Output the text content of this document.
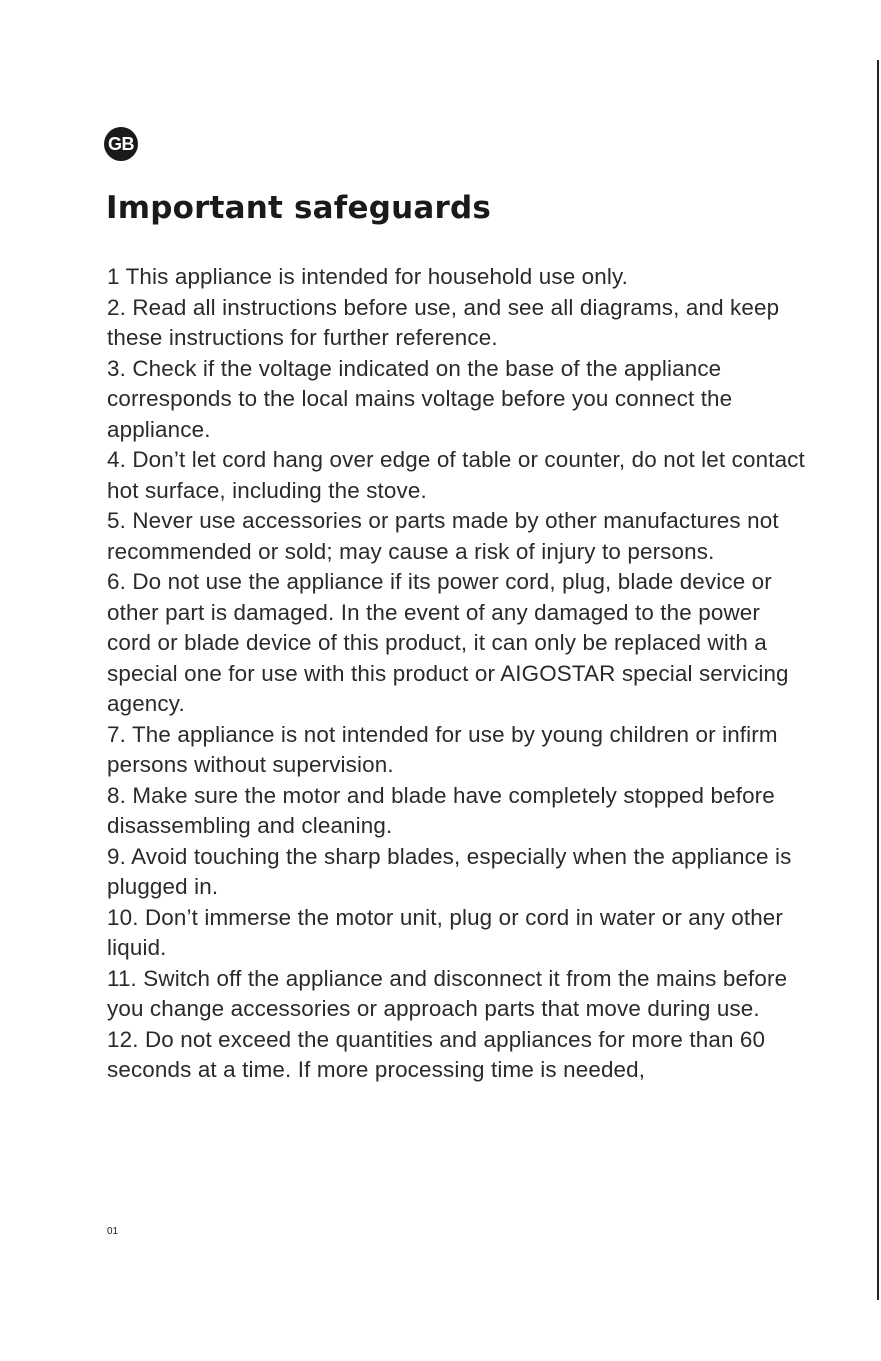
GB
Important safeguards
1 This appliance is intended for household use only.
2. Read all instructions before use, and see all diagrams, and keep these instructions for further reference.
3. Check if the voltage indicated on the base of the appliance corresponds to the local mains voltage before you connect the appliance.
4. Don’t let cord hang over edge of table or counter, do not let contact hot surface, including the stove.
5. Never use accessories or parts made by other manufactures not recommended or sold; may cause a risk of injury to persons.
6. Do not use the appliance if its power cord, plug, blade device or other part is damaged. In the event of any damaged to the power cord or blade device of this product, it can only be replaced with a special one for use with this product or AIGOSTAR special servicing agency.
7. The appliance is not intended for use by young children or infirm persons without supervision.
8. Make sure the motor and blade have completely stopped before disassembling and cleaning.
9. Avoid touching the sharp blades, especially when the appliance is plugged in.
10. Don’t immerse the motor unit, plug or cord in water or any other liquid.
11. Switch off the appliance and disconnect it from the mains before you change accessories or approach parts that move during use.
12. Do not exceed the quantities and appliances for more than 60 seconds at a time. If more processing time is needed,
01
